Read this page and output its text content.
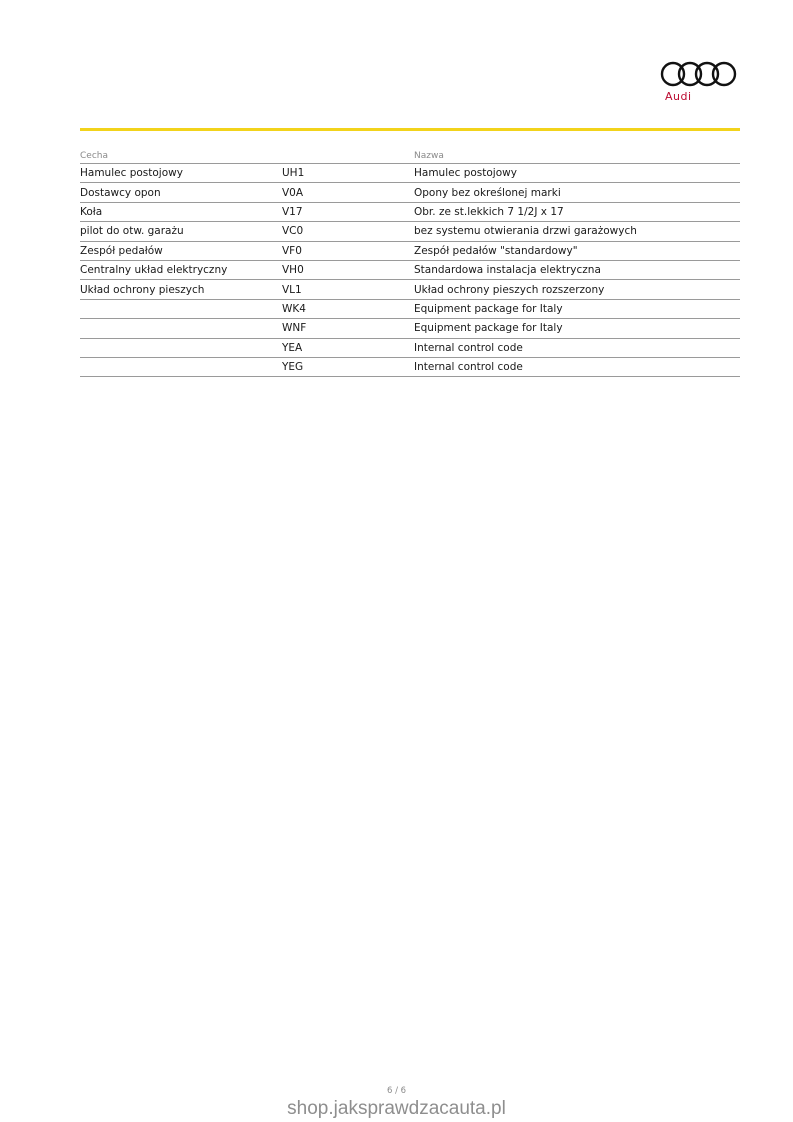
Audi
Cecha		Nazwa
Hamulec postojowy	UH1	Hamulec postojowy
Dostawcy opon	V0A	Opony bez określonej marki
Koła	V17	Obr. ze st.lekkich 7 1/2J x 17
pilot do otw. garażu	VC0	bez systemu otwierania drzwi garażowych
Zespół pedałów	VF0	Zespół pedałów "standardowy"
Centralny układ elektryczny	VH0	Standardowa instalacja elektryczna
Układ ochrony pieszych	VL1	Układ ochrony pieszych rozszerzony
	WK4	Equipment package for Italy
	WNF	Equipment package for Italy
	YEA	Internal control code
	YEG	Internal control code
6 / 6
shop.jaksprawdzacauta.pl
